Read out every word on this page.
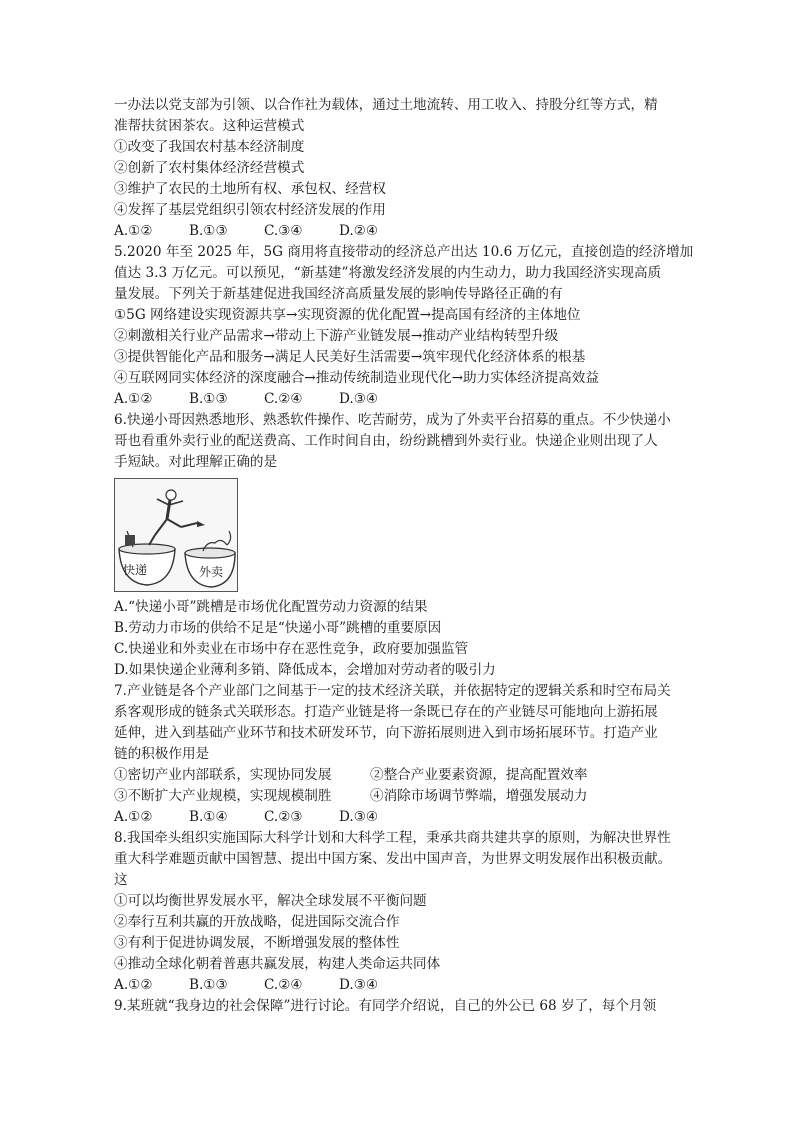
一办法以党支部为引领、以合作社为载体，通过土地流转、用工收入、持股分红等方式，精
准帮扶贫困茶农。这种运营模式
①改变了我国农村基本经济制度
②创新了农村集体经济经营模式
③维护了农民的土地所有权、承包权、经营权
④发挥了基层党组织引领农村经济发展的作用
A.①②	B.①③	C.③④	D.②④
5.2020 年至 2025 年，5G 商用将直接带动的经济总产出达 10.6 万亿元，直接创造的经济增加
值达 3.3 万亿元。可以预见，“新基建”将激发经济发展的内生动力，助力我国经济实现高质
量发展。下列关于新基建促进我国经济高质量发展的影响传导路径正确的有
①5G 网络建设实现资源共享→实现资源的优化配置→提高国有经济的主体地位
②刺激相关行业产品需求→带动上下游产业链发展→推动产业结构转型升级
③提供智能化产品和服务→满足人民美好生活需要→筑牢现代化经济体系的根基
④互联网同实体经济的深度融合→推动传统制造业现代化→助力实体经济提高效益
A.①②	B.①③	C.②④	D.③④
6.快递小哥因熟悉地形、熟悉软件操作、吃苦耐劳，成为了外卖平台招募的重点。不少快递小
哥也看重外卖行业的配送费高、工作时间自由，纷纷跳槽到外卖行业。快递企业则出现了人
手短缺。对此理解正确的是
快递	外卖
A.“快递小哥”跳槽是市场优化配置劳动力资源的结果
B.劳动力市场的供给不足是“快递小哥”跳槽的重要原因
C.快递业和外卖业在市场中存在恶性竞争，政府要加强监管
D.如果快递企业薄利多销、降低成本，会增加对劳动者的吸引力
7.产业链是各个产业部门之间基于一定的技术经济关联，并依据特定的逻辑关系和时空布局关
系客观形成的链条式关联形态。打造产业链是将一条既已存在的产业链尽可能地向上游拓展
延伸，进入到基础产业环节和技术研发环节，向下游拓展则进入到市场拓展环节。打造产业
链的积极作用是
①密切产业内部联系，实现协同发展	②整合产业要素资源，提高配置效率
③不断扩大产业规模，实现规模制胜	④消除市场调节弊端，增强发展动力
A.①②	B.①④	C.②③	D.③④
8.我国牵头组织实施国际大科学计划和大科学工程，秉承共商共建共享的原则，为解决世界性
重大科学难题贡献中国智慧、提出中国方案、发出中国声音，为世界文明发展作出积极贡献。
这
①可以均衡世界发展水平，解决全球发展不平衡问题
②奉行互利共赢的开放战略，促进国际交流合作
③有利于促进协调发展，不断增强发展的整体性
④推动全球化朝着普惠共赢发展，构建人类命运共同体
A.①②	B.①③	C.②④	D.③④
9.某班就“我身边的社会保障”进行讨论。有同学介绍说，自己的外公已 68 岁了，每个月领
